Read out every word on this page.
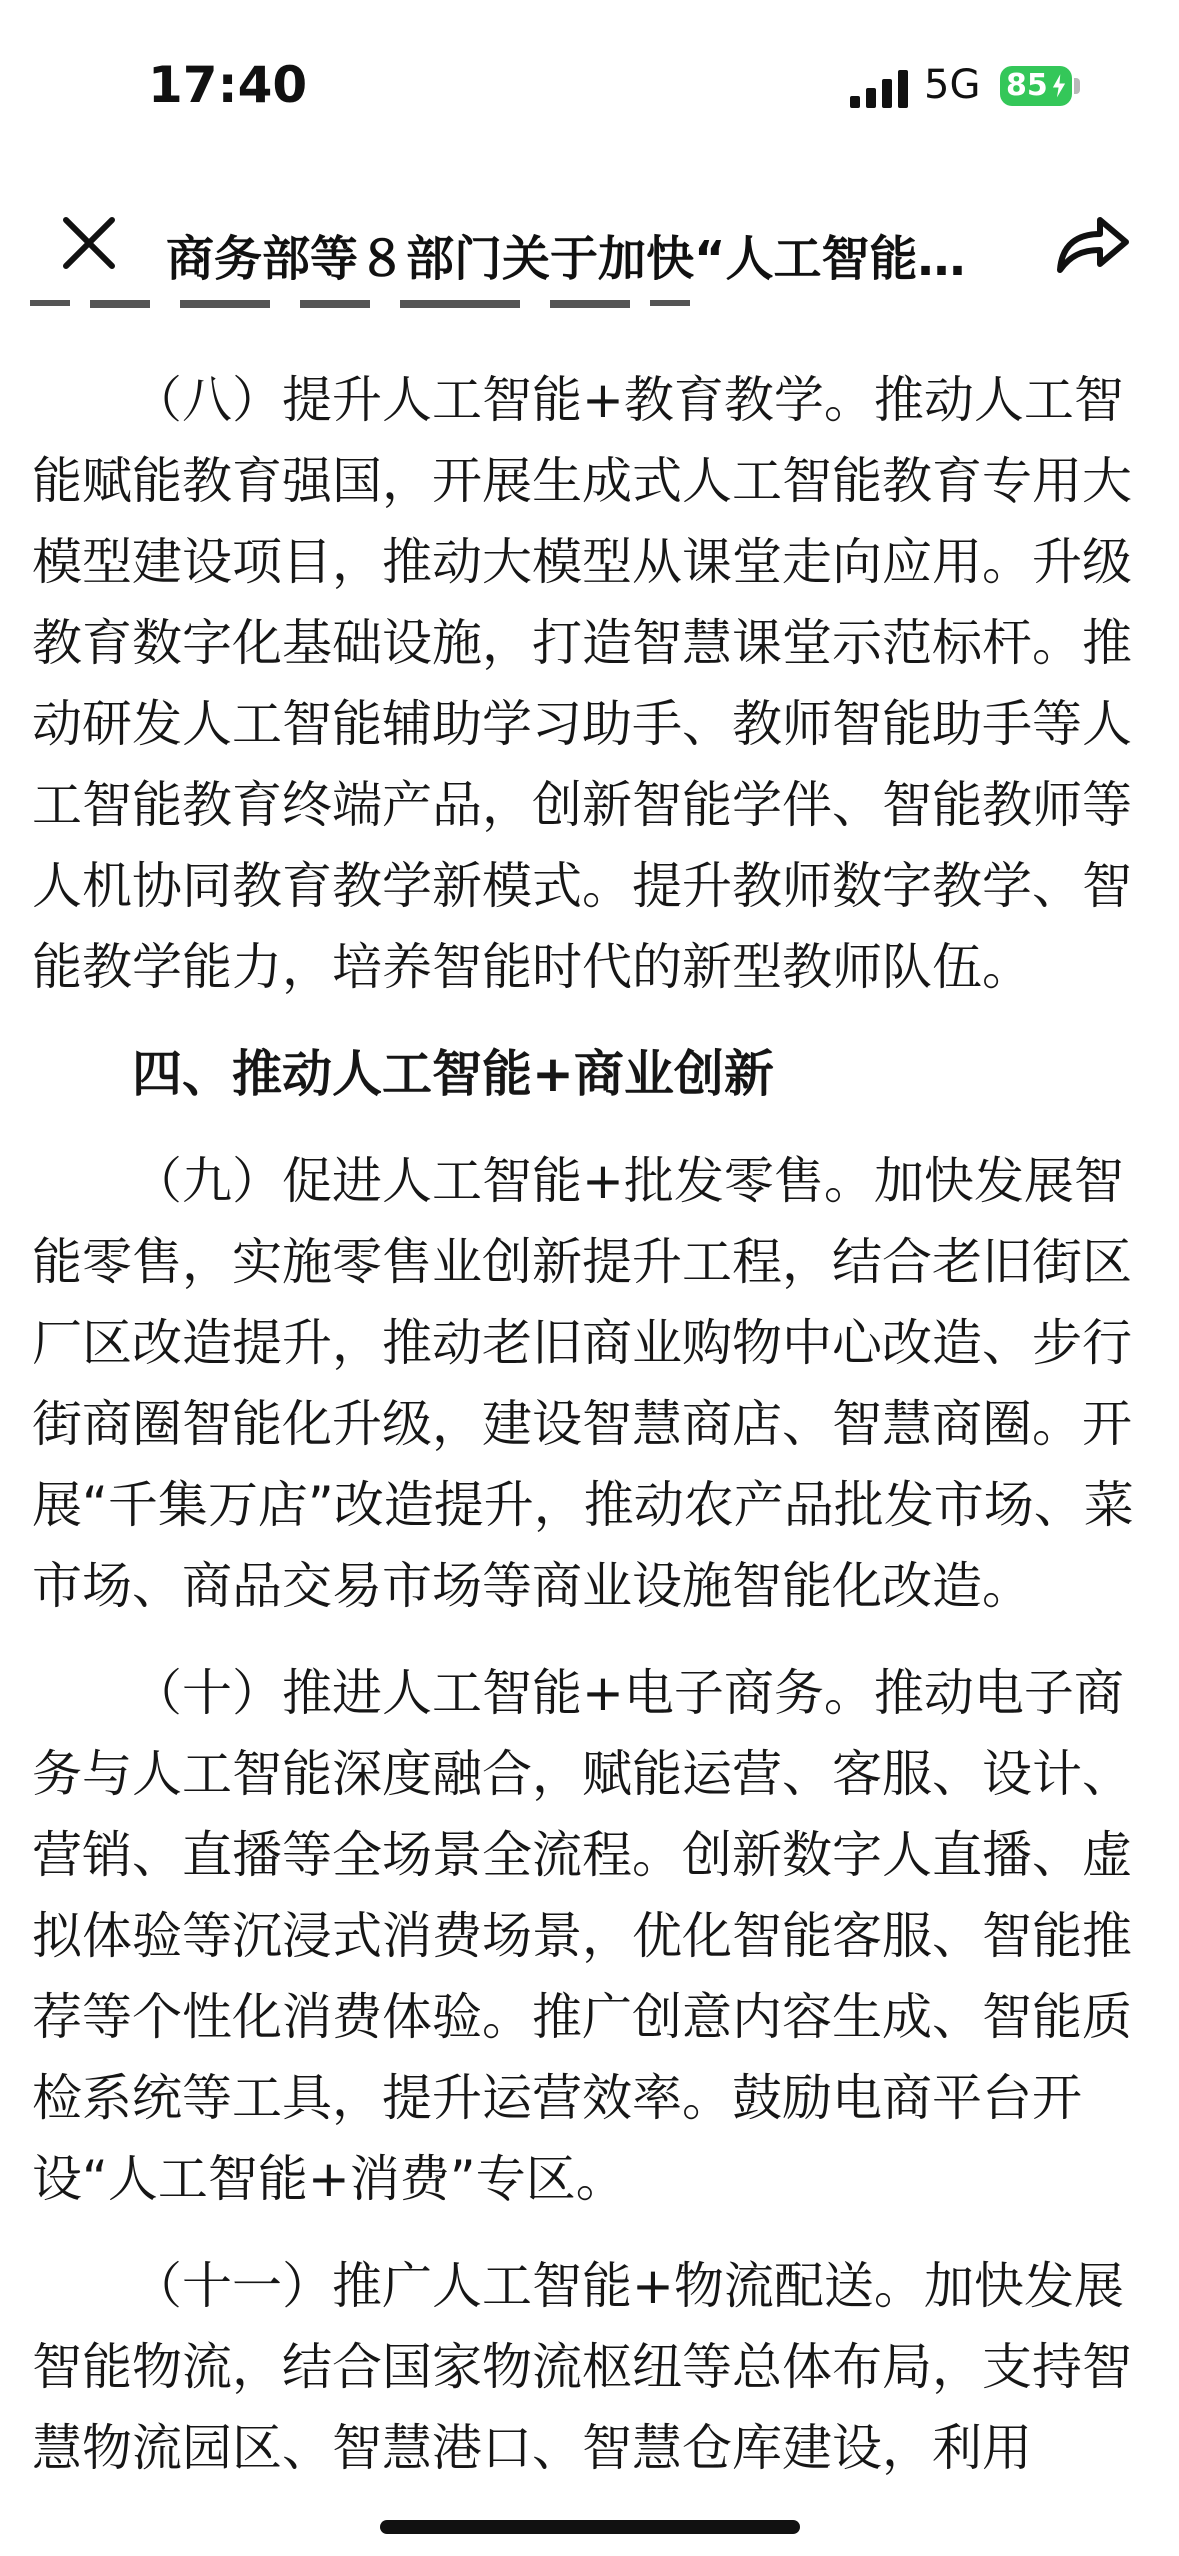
17:40	5G 85
商务部等８部门关于加快“人工智能…

（八）提升人工智能+教育教学。推动人工智能赋能教育强国，开展生成式人工智能教育专用大模型建设项目，推动大模型从课堂走向应用。升级教育数字化基础设施，打造智慧课堂示范标杆。推动研发人工智能辅助学习助手、教师智能助手等人工智能教育终端产品，创新智能学伴、智能教师等人机协同教育教学新模式。提升教师数字教学、智能教学能力，培养智能时代的新型教师队伍。

四、推动人工智能+商业创新

（九）促进人工智能+批发零售。加快发展智能零售，实施零售业创新提升工程，结合老旧街区厂区改造提升，推动老旧商业购物中心改造、步行街商圈智能化升级，建设智慧商店、智慧商圈。开展“千集万店”改造提升，推动农产品批发市场、菜市场、商品交易市场等商业设施智能化改造。

（十）推进人工智能+电子商务。推动电子商务与人工智能深度融合，赋能运营、客服、设计、营销、直播等全场景全流程。创新数字人直播、虚拟体验等沉浸式消费场景，优化智能客服、智能推荐等个性化消费体验。推广创意内容生成、智能质检系统等工具，提升运营效率。鼓励电商平台开设“人工智能+消费”专区。

（十一）推广人工智能+物流配送。加快发展智能物流，结合国家物流枢纽等总体布局，支持智慧物流园区、智慧港口、智慧仓库建设，利用
